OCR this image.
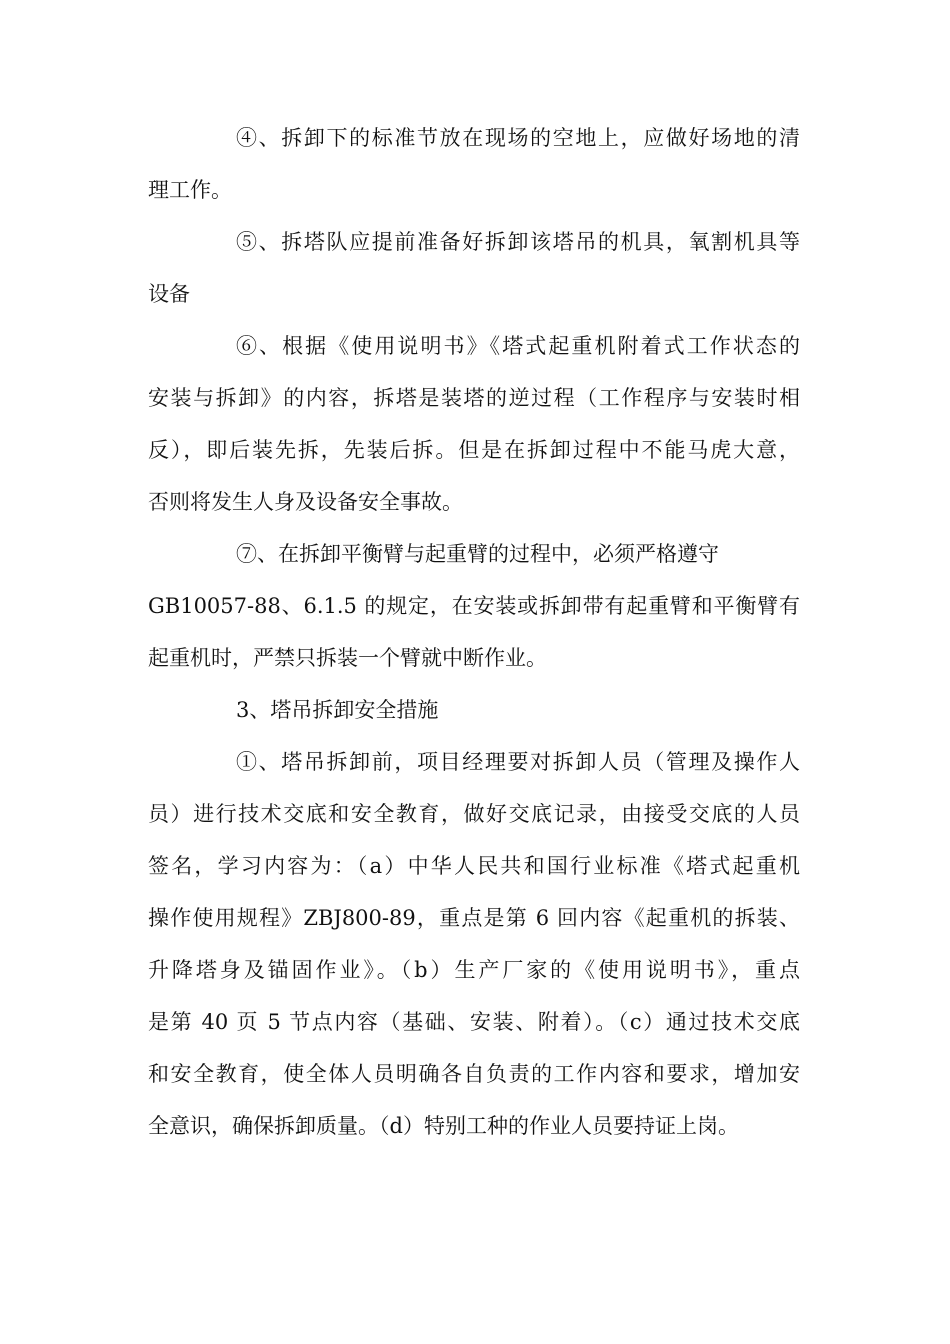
④、拆卸下的标准节放在现场的空地上，应做好场地的清
理工作。
⑤、拆塔队应提前准备好拆卸该塔吊的机具，氧割机具等
设备
⑥、根据《使用说明书》《塔式起重机附着式工作状态的
安装与拆卸》的内容，拆塔是装塔的逆过程（工作程序与安装时相
反），即后装先拆，先装后拆。但是在拆卸过程中不能马虎大意，
否则将发生人身及设备安全事故。
⑦、在拆卸平衡臂与起重臂的过程中，必须严格遵守
GB10057-88、6.1.5 的规定，在安装或拆卸带有起重臂和平衡臂有
起重机时，严禁只拆装一个臂就中断作业。
3、塔吊拆卸安全措施
①、塔吊拆卸前，项目经理要对拆卸人员（管理及操作人
员）进行技术交底和安全教育，做好交底记录，由接受交底的人员
签名，学习内容为：（a）中华人民共和国行业标准《塔式起重机
操作使用规程》ZBJ800-89，重点是第 6 回内容《起重机的拆装、
升降塔身及锚固作业》。（b）生产厂家的《使用说明书》，重点
是第 40 页 5 节点内容（基础、安装、附着）。（c）通过技术交底
和安全教育，使全体人员明确各自负责的工作内容和要求，增加安
全意识，确保拆卸质量。（d）特别工种的作业人员要持证上岗。
